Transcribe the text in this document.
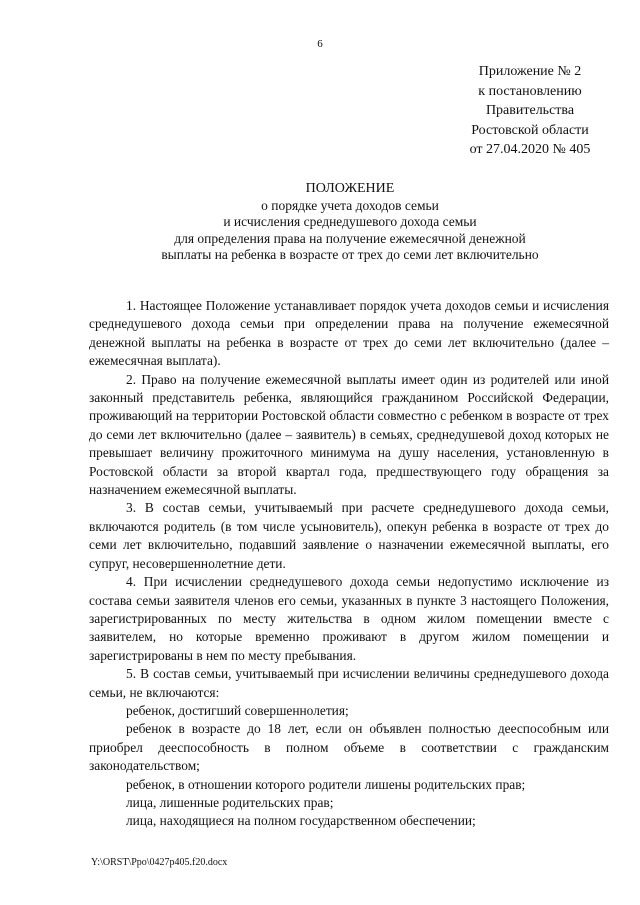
6
Приложение № 2
к постановлению
Правительства
Ростовской области
от 27.04.2020 № 405
ПОЛОЖЕНИЕ
о порядке учета доходов семьи
и исчисления среднедушевого дохода семьи
для определения права на получение ежемесячной денежной
выплаты на ребенка в возрасте от трех до семи лет включительно

1. Настоящее Положение устанавливает порядок учета доходов семьи и исчисления среднедушевого дохода семьи при определении права на получение ежемесячной денежной выплаты на ребенка в возрасте от трех до семи лет включительно (далее – ежемесячная выплата).

2. Право на получение ежемесячной выплаты имеет один из родителей или иной законный представитель ребенка, являющийся гражданином Российской Федерации, проживающий на территории Ростовской области совместно с ребенком в возрасте от трех до семи лет включительно (далее – заявитель) в семьях, среднедушевой доход которых не превышает величину прожиточного минимума на душу населения, установленную в Ростовской области за второй квартал года, предшествующего году обращения за назначением ежемесячной выплаты.

3. В состав семьи, учитываемый при расчете среднедушевого дохода семьи, включаются родитель (в том числе усыновитель), опекун ребенка в возрасте от трех до семи лет включительно, подавший заявление о назначении ежемесячной выплаты, его супруг, несовершеннолетние дети.

4. При исчислении среднедушевого дохода семьи недопустимо исключение из состава семьи заявителя членов его семьи, указанных в пункте 3 настоящего Положения, зарегистрированных по месту жительства в одном жилом помещении вместе с заявителем, но которые временно проживают в другом жилом помещении и зарегистрированы в нем по месту пребывания.

5. В состав семьи, учитываемый при исчислении величины среднедушевого дохода семьи, не включаются:

ребенок, достигший совершеннолетия;

ребенок в возрасте до 18 лет, если он объявлен полностью дееспособным или приобрел дееспособность в полном объеме в соответствии с гражданским законодательством;

ребенок, в отношении которого родители лишены родительских прав;

лица, лишенные родительских прав;

лица, находящиеся на полном государственном обеспечении;

Y:\ORST\Ppo\0427p405.f20.docx
